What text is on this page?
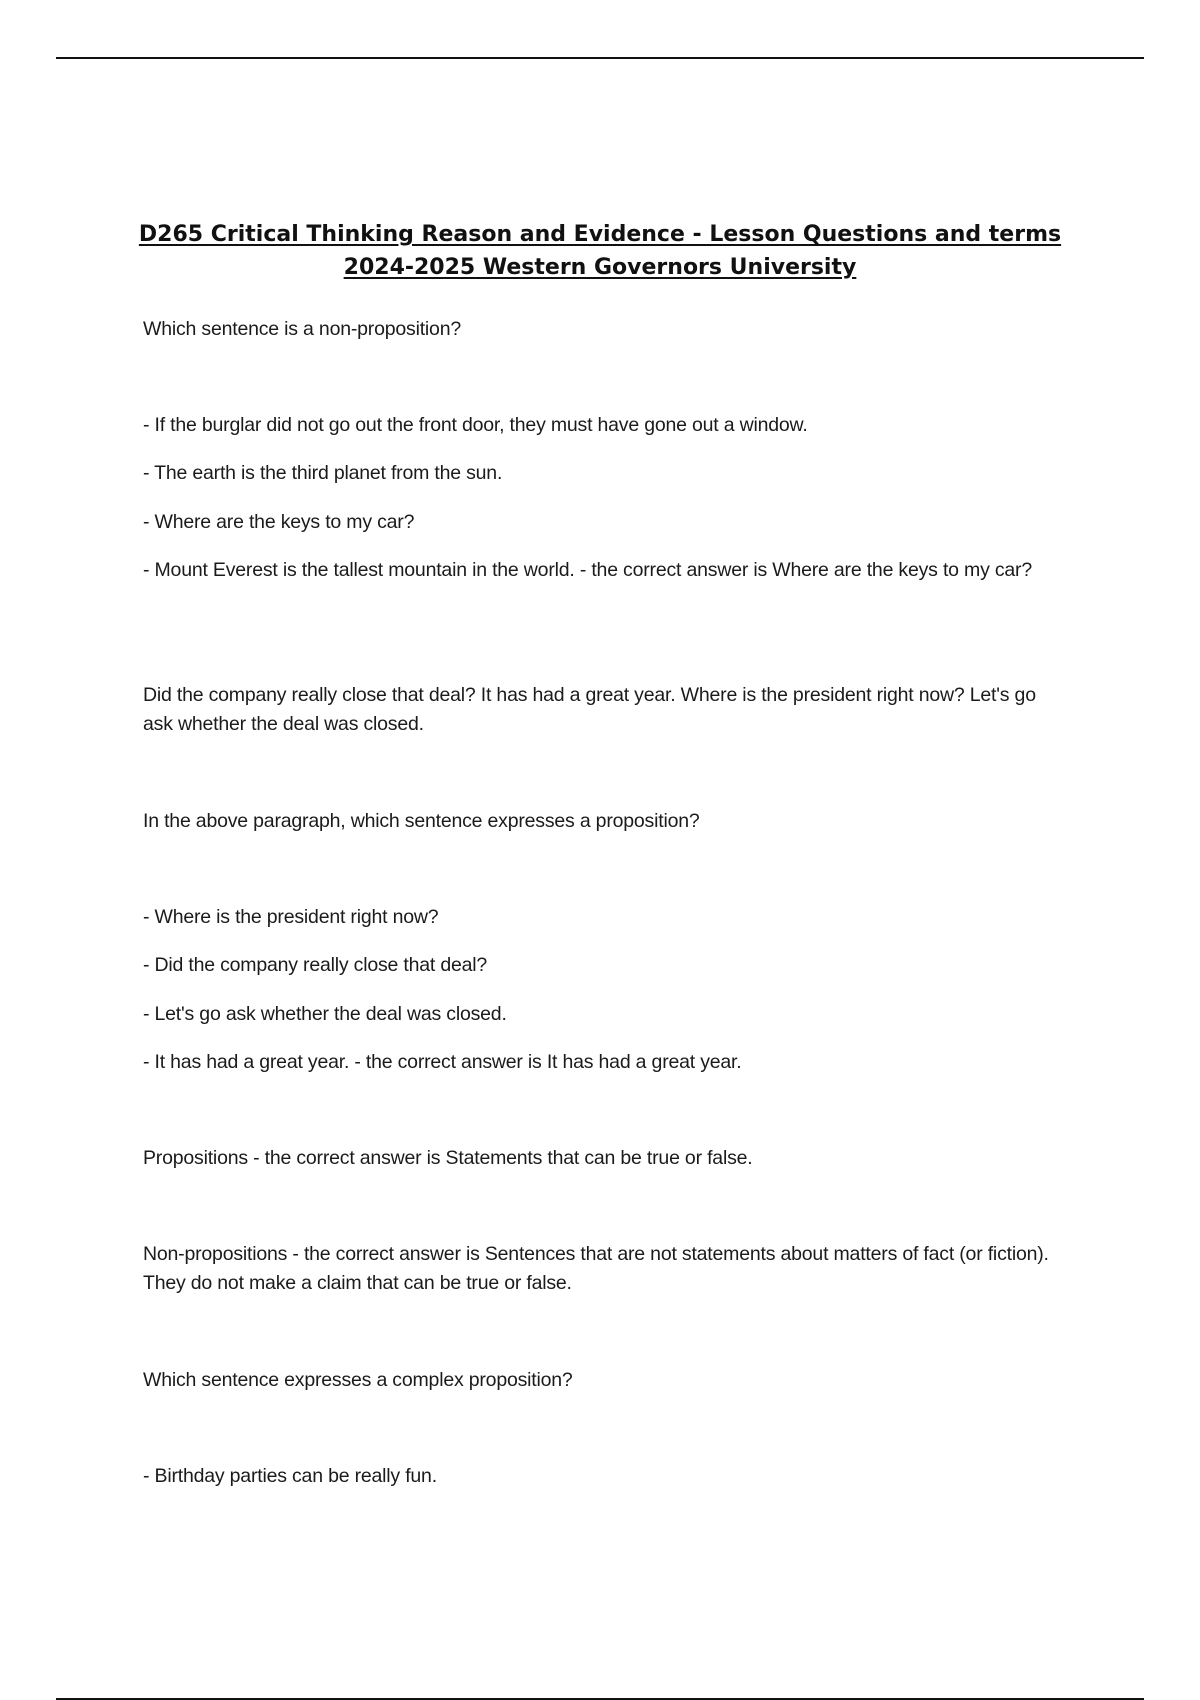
D265 Critical Thinking Reason and Evidence - Lesson Questions and terms 2024-2025 Western Governors University

Which sentence is a non-proposition?

- If the burglar did not go out the front door, they must have gone out a window.

- The earth is the third planet from the sun.

- Where are the keys to my car?

- Mount Everest is the tallest mountain in the world. - the correct answer is Where are the keys to my car?

Did the company really close that deal? It has had a great year. Where is the president right now? Let's go ask whether the deal was closed.

In the above paragraph, which sentence expresses a proposition?

- Where is the president right now?

- Did the company really close that deal?

- Let's go ask whether the deal was closed.

- It has had a great year. - the correct answer is It has had a great year.

Propositions - the correct answer is Statements that can be true or false.

Non-propositions - the correct answer is Sentences that are not statements about matters of fact (or fiction). They do not make a claim that can be true or false.

Which sentence expresses a complex proposition?

- Birthday parties can be really fun.
